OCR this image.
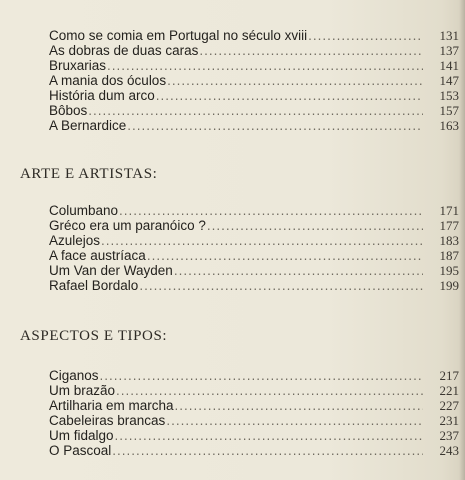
Como se comia em Portugal no século xviii .....	131
As dobras de duas caras .....	137
Bruxarias .....	141
A mania dos óculos .....	147
História dum arco .....	153
Bôbos .....	157
A Bernardice .....	163
ARTE E ARTISTAS:
Columbano .....	171
Gréco era um paranóico ? .....	177
Azulejos .....	183
A face austríaca .....	187
Um Van der Wayden .....	195
Rafael Bordalo .....	199
ASPECTOS E TIPOS:
Ciganos .....	217
Um brazão .....	221
Artilharia em marcha .....	227
Cabeleiras brancas .....	231
Um fidalgo .....	237
O Pascoal .....	243
